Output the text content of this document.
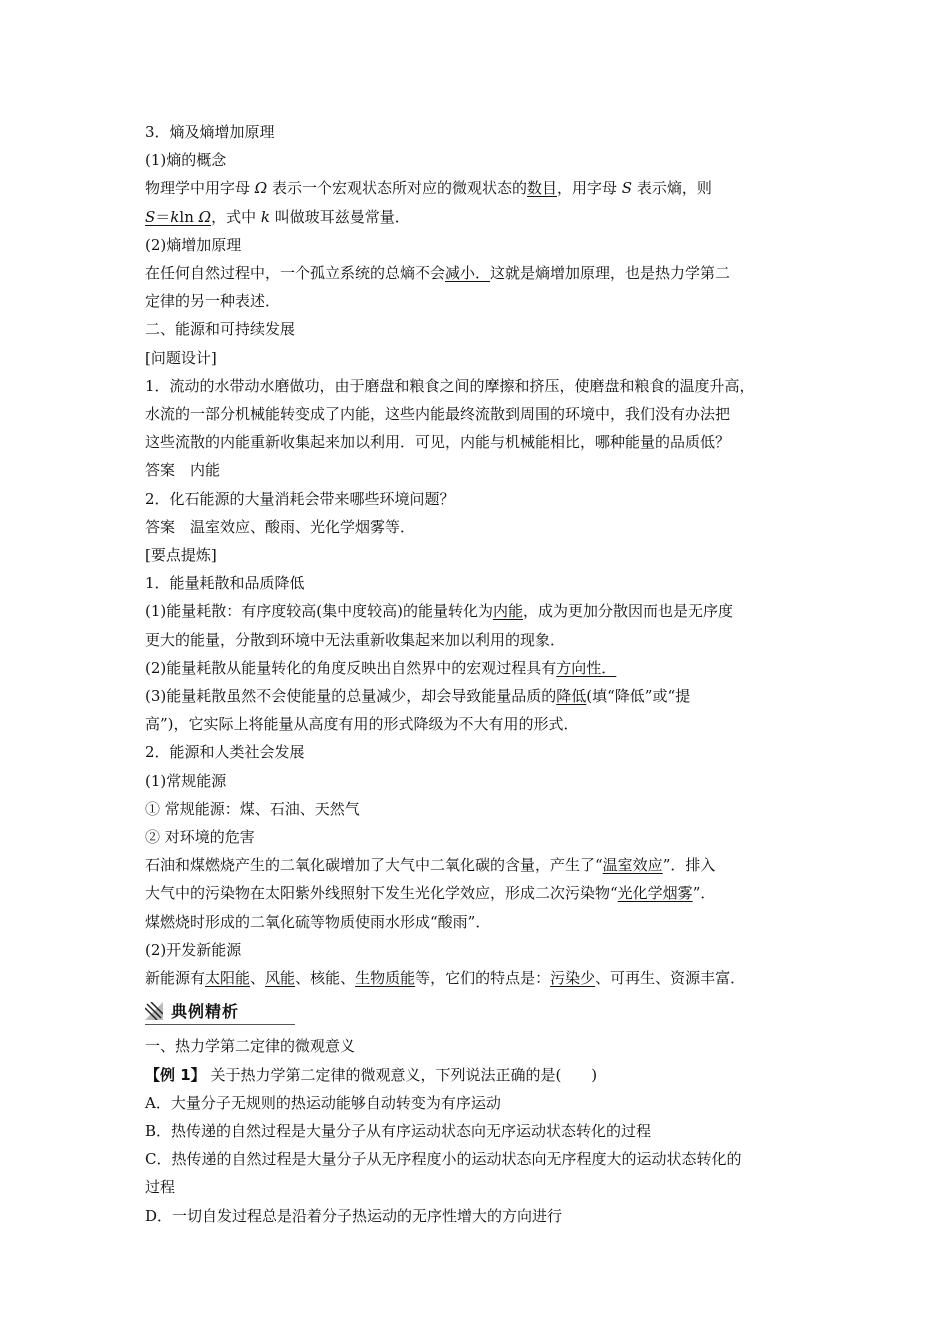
3．熵及熵增加原理

(1)熵的概念

物理学中用字母 Ω 表示一个宏观状态所对应的微观状态的数目，用字母 S 表示熵，则

S＝kln Ω，式中 k 叫做玻耳兹曼常量．

(2)熵增加原理

在任何自然过程中，一个孤立系统的总熵不会减小．这就是熵增加原理，也是热力学第二

定律的另一种表述．

二、能源和可持续发展

[问题设计]

1．流动的水带动水磨做功，由于磨盘和粮食之间的摩擦和挤压，使磨盘和粮食的温度升高，

水流的一部分机械能转变成了内能，这些内能最终流散到周围的环境中，我们没有办法把

这些流散的内能重新收集起来加以利用．可见，内能与机械能相比，哪种能量的品质低？

答案　内能

2．化石能源的大量消耗会带来哪些环境问题？

答案　温室效应、酸雨、光化学烟雾等．

[要点提炼]

1．能量耗散和品质降低

(1)能量耗散：有序度较高(集中度较高)的能量转化为内能，成为更加分散因而也是无序度

更大的能量，分散到环境中无法重新收集起来加以利用的现象．

(2)能量耗散从能量转化的角度反映出自然界中的宏观过程具有方向性．

(3)能量耗散虽然不会使能量的总量减少，却会导致能量品质的降低(填“降低”或“提

高”)，它实际上将能量从高度有用的形式降级为不大有用的形式．

2．能源和人类社会发展

(1)常规能源

① 常规能源：煤、石油、天然气

② 对环境的危害

石油和煤燃烧产生的二氧化碳增加了大气中二氧化碳的含量，产生了“温室效应”．排入

大气中的污染物在太阳紫外线照射下发生光化学效应，形成二次污染物“光化学烟雾”．

煤燃烧时形成的二氧化硫等物质使雨水形成“酸雨”．

(2)开发新能源

新能源有太阳能、风能、核能、生物质能等，它们的特点是：污染少、可再生、资源丰富．

典例精析

一、热力学第二定律的微观意义

【例 1】 关于热力学第二定律的微观意义，下列说法正确的是(　　)

A．大量分子无规则的热运动能够自动转变为有序运动

B．热传递的自然过程是大量分子从有序运动状态向无序运动状态转化的过程

C．热传递的自然过程是大量分子从无序程度小的运动状态向无序程度大的运动状态转化的

过程

D．一切自发过程总是沿着分子热运动的无序性增大的方向进行
